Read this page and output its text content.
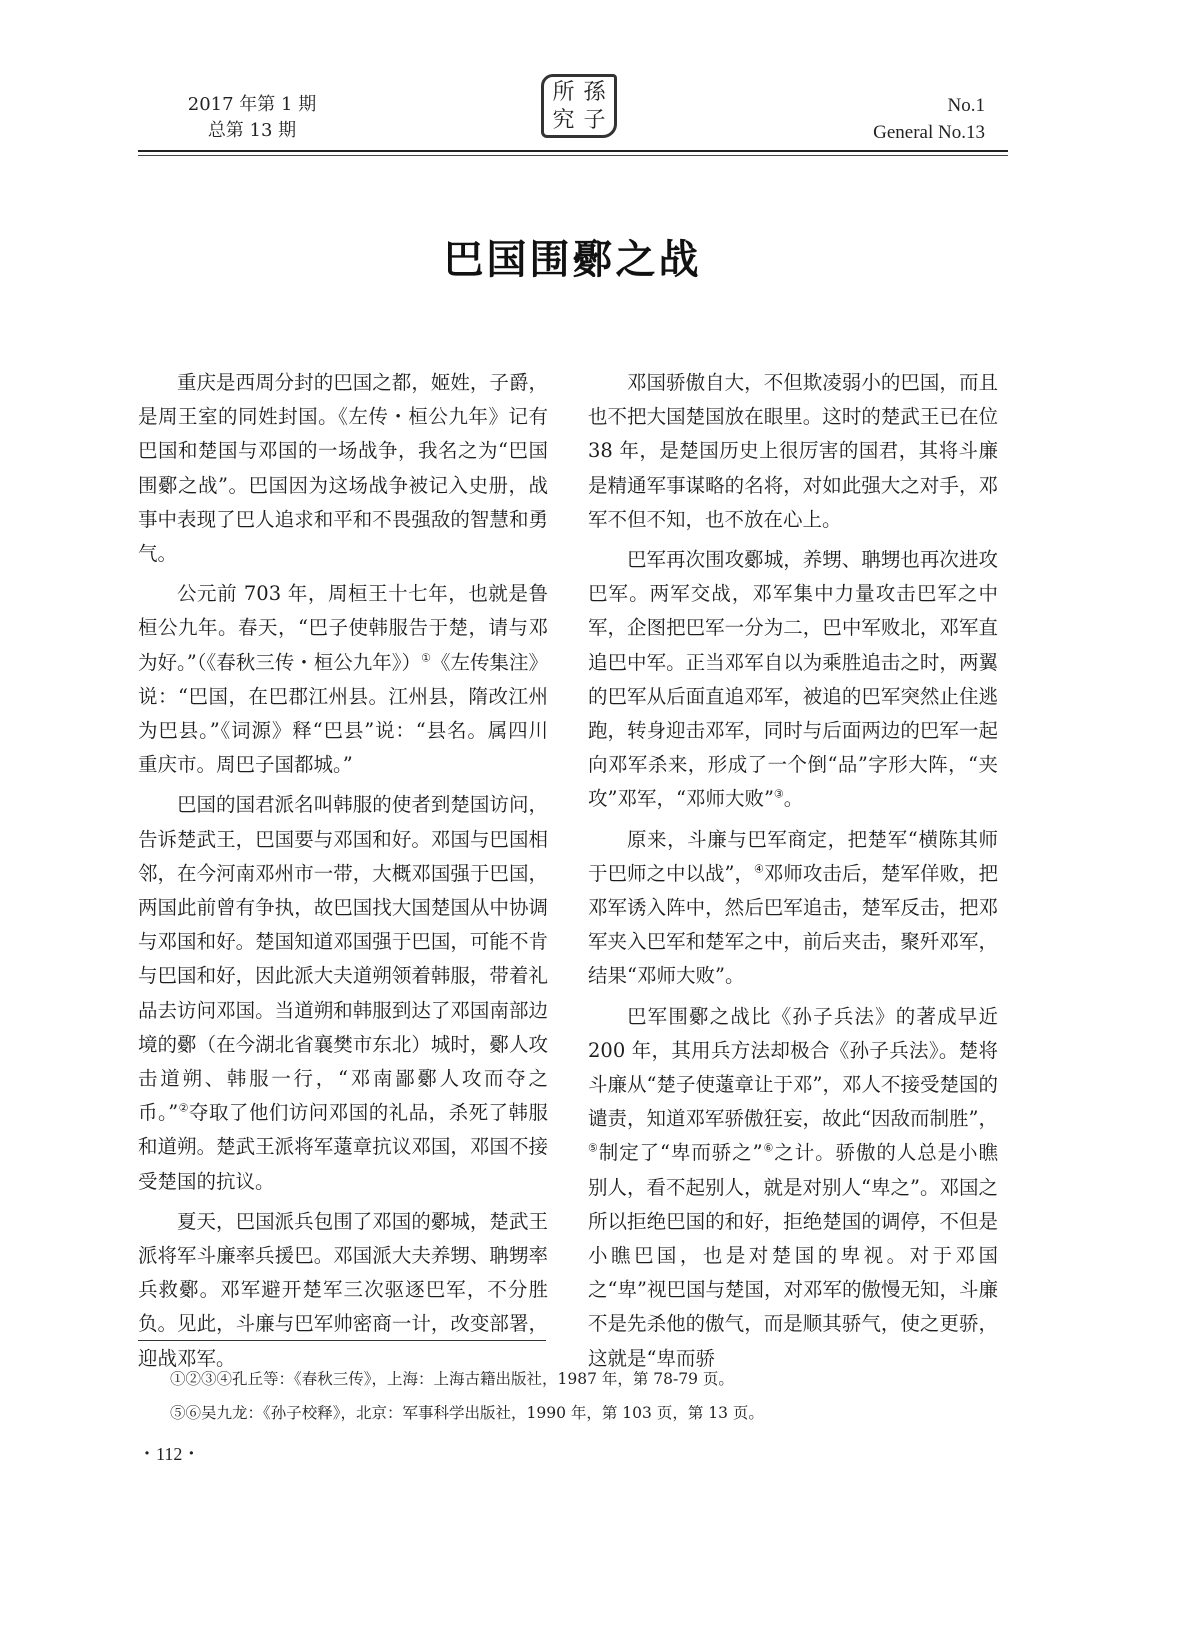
2017 年第 1 期
总第 13 期
所 孫
究 子
No.1
General No.13
巴国围鄾之战

重庆是西周分封的巴国之都，姬姓，子爵，是周王室的同姓封国。《左传・桓公九年》记有巴国和楚国与邓国的一场战争，我名之为“巴国围鄾之战”。巴国因为这场战争被记入史册，战事中表现了巴人追求和平和不畏强敌的智慧和勇气。

公元前 703 年，周桓王十七年，也就是鲁桓公九年。春天，“巴子使韩服告于楚，请与邓为好。”（《春秋三传・桓公九年》）①《左传集注》说：“巴国，在巴郡江州县。江州县，隋改江州为巴县。”《词源》释“巴县”说：“县名。属四川重庆市。周巴子国都城。”

巴国的国君派名叫韩服的使者到楚国访问，告诉楚武王，巴国要与邓国和好。邓国与巴国相邻，在今河南邓州市一带，大概邓国强于巴国，两国此前曾有争执，故巴国找大国楚国从中协调与邓国和好。楚国知道邓国强于巴国，可能不肯与巴国和好，因此派大夫道朔领着韩服，带着礼品去访问邓国。当道朔和韩服到达了邓国南部边境的鄾（在今湖北省襄樊市东北）城时，鄾人攻击道朔、韩服一行，“邓南鄙鄾人攻而夺之币。”②夺取了他们访问邓国的礼品，杀死了韩服和道朔。楚武王派将军薳章抗议邓国，邓国不接受楚国的抗议。

夏天，巴国派兵包围了邓国的鄾城，楚武王派将军斗廉率兵援巴。邓国派大夫养甥、聃甥率兵救鄾。邓军避开楚军三次驱逐巴军，不分胜负。见此，斗廉与巴军帅密商一计，改变部署，迎战邓军。

邓国骄傲自大，不但欺凌弱小的巴国，而且也不把大国楚国放在眼里。这时的楚武王已在位 38 年，是楚国历史上很厉害的国君，其将斗廉是精通军事谋略的名将，对如此强大之对手，邓军不但不知，也不放在心上。

巴军再次围攻鄾城，养甥、聃甥也再次进攻巴军。两军交战，邓军集中力量攻击巴军之中军，企图把巴军一分为二，巴中军败北，邓军直追巴中军。正当邓军自以为乘胜追击之时，两翼的巴军从后面直追邓军，被追的巴军突然止住逃跑，转身迎击邓军，同时与后面两边的巴军一起向邓军杀来，形成了一个倒“品”字形大阵，“夹攻”邓军，“邓师大败”③。

原来，斗廉与巴军商定，把楚军“横陈其师于巴师之中以战”，④邓师攻击后，楚军佯败，把邓军诱入阵中，然后巴军追击，楚军反击，把邓军夹入巴军和楚军之中，前后夹击，聚歼邓军，结果“邓师大败”。

巴军围鄾之战比《孙子兵法》的著成早近 200 年，其用兵方法却极合《孙子兵法》。楚将斗廉从“楚子使薳章让于邓”，邓人不接受楚国的谴责，知道邓军骄傲狂妄，故此“因敌而制胜”，⑤制定了“卑而骄之”⑥之计。骄傲的人总是小瞧别人，看不起别人，就是对别人“卑之”。邓国之所以拒绝巴国的和好，拒绝楚国的调停，不但是小瞧巴国，也是对楚国的卑视。对于邓国之“卑”视巴国与楚国，对邓军的傲慢无知，斗廉不是先杀他的傲气，而是顺其骄气，使之更骄，这就是“卑而骄

①②③④孔丘等：《春秋三传》，上海：上海古籍出版社，1987 年，第 78-79 页。
⑤⑥吴九龙：《孙子校释》，北京：军事科学出版社，1990 年，第 103 页，第 13 页。
・112・
